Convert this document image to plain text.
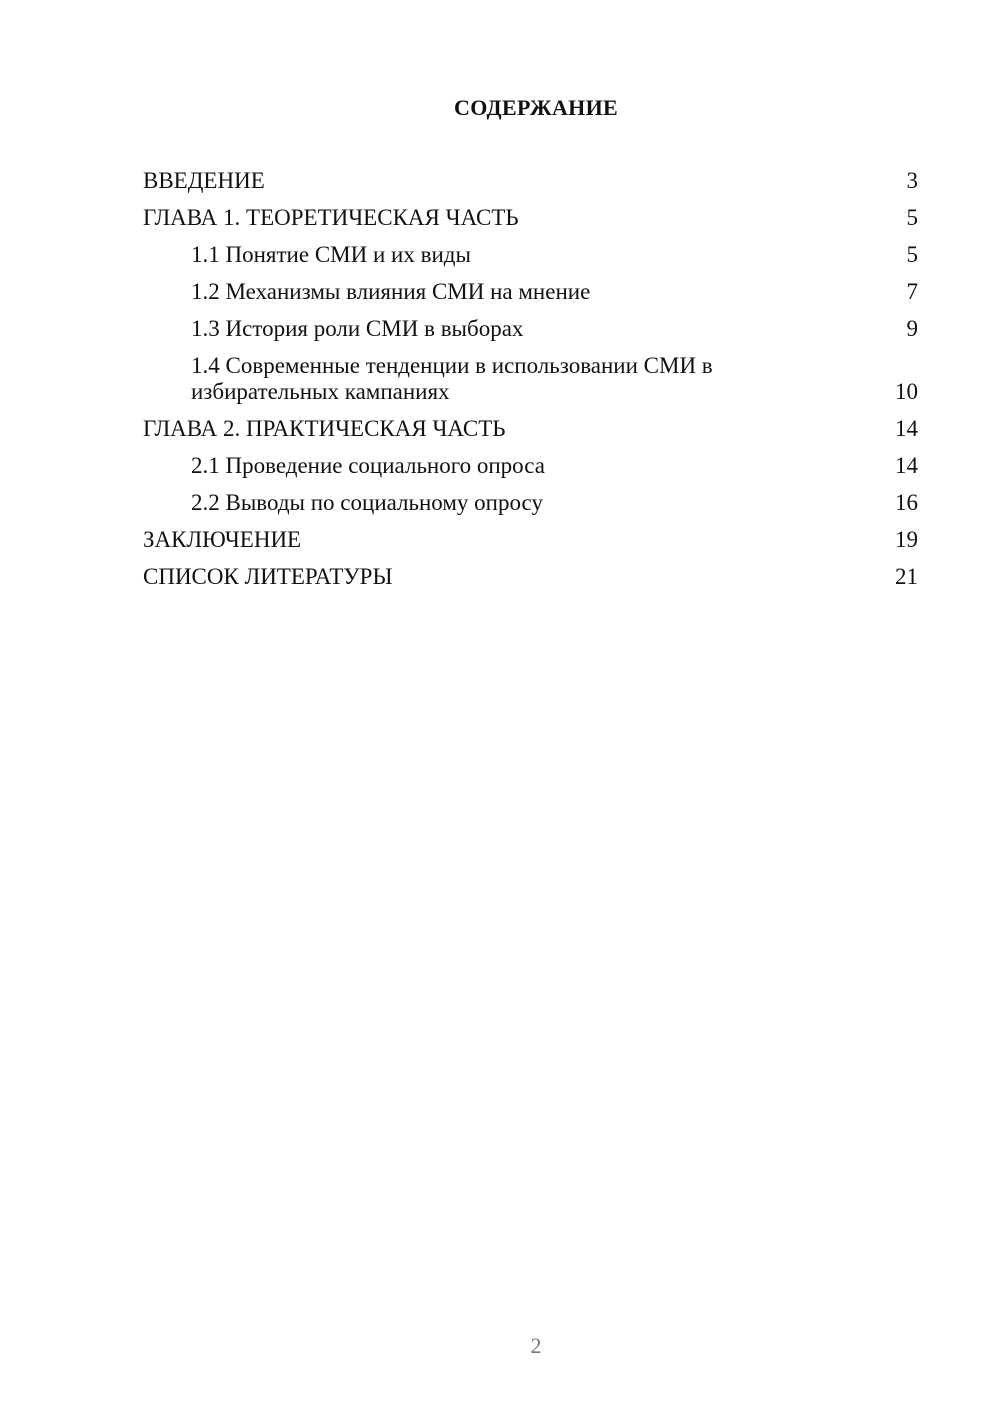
СОДЕРЖАНИЕ
ВВЕДЕНИЕ	3
ГЛАВА 1. ТЕОРЕТИЧЕСКАЯ ЧАСТЬ	5
1.1 Понятие СМИ и их виды	5
1.2 Механизмы влияния СМИ на мнение	7
1.3 История роли СМИ в выборах	9
1.4 Современные тенденции в использовании СМИ в избирательных кампаниях	10
ГЛАВА 2. ПРАКТИЧЕСКАЯ ЧАСТЬ	14
2.1 Проведение социального опроса	14
2.2 Выводы по социальному опросу	16
ЗАКЛЮЧЕНИЕ	19
СПИСОК ЛИТЕРАТУРЫ	21
2
